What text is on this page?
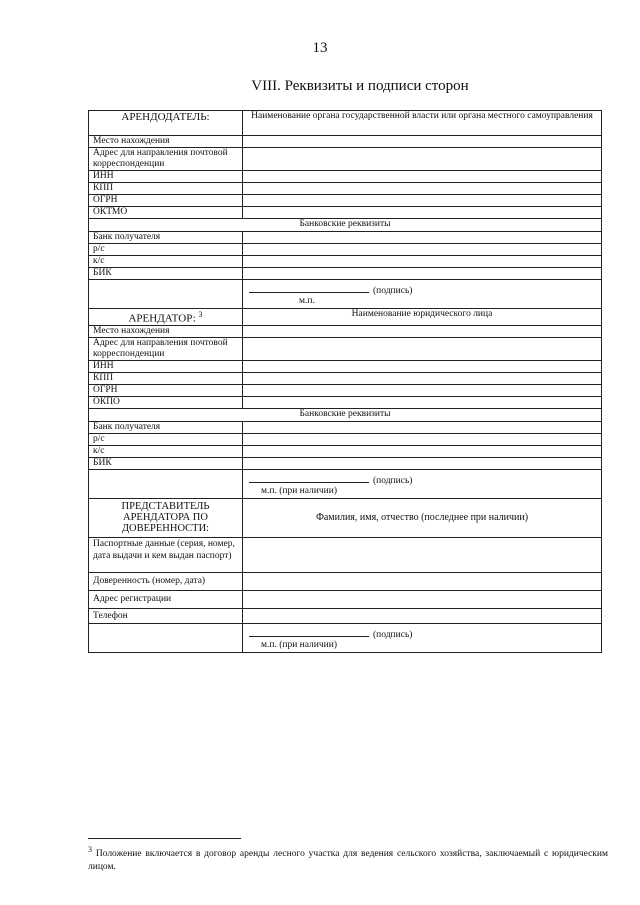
13
VIII. Реквизиты и подписи сторон
АРЕНДОДАТЕЛЬ:	Наименование органа государственной власти или органа местного самоуправления
Место нахождения	
Адрес для направления почтовой корреспонденции	
ИНН	
КПП	
ОГРН	
ОКТМО	
Банковские реквизиты	
Банк получателя	
р/с	
к/с	
БИК	

	(подпись)
м.п.

АРЕНДАТОР: $^3$	Наименование юридического лица
Место нахождения	
Адрес для направления почтовой корреспонденции	
ИНН	
КПП	
ОГРН	
ОКПО	
Банковские реквизиты	
Банк получателя	
р/с	
к/с	
БИК	

	(подпись)
м.п. (при наличии)

ПРЕДСТАВИТЕЛЬ АРЕНДАТОРА ПО ДОВЕРЕННОСТИ:	Фамилия, имя, отчество (последнее при наличии)
Паспортные данные (серия, номер, дата выдачи и кем выдан паспорт)	
Доверенность (номер, дата)	
Адрес регистрации	
Телефон	

	(подпись)
м.п. (при наличии)
$^3$ Положение включается в договор аренды лесного участка для ведения сельского хозяйства, заключаемый с юридическим лицом.
